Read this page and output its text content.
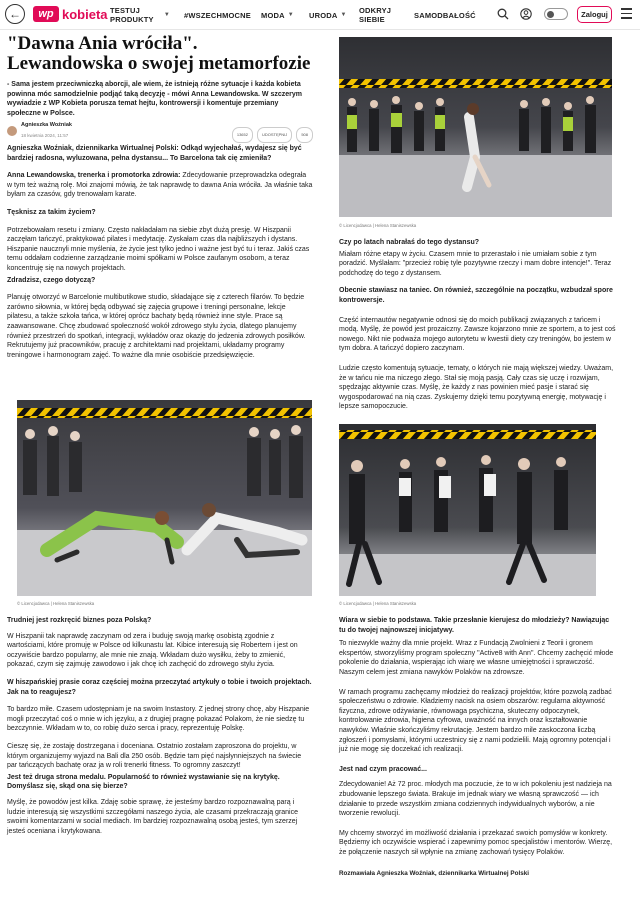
←	wp kobieta TESTUJ PRODUKTY
▼ #WSZECHMOCNE MODA ▼ URODA ▼ ODKRYJ SIEBIE	SAMODBAŁOŚĆ	Zaloguj
"Dawna Ania wróciła". Lewandowska o swojej metamorfozie

- Sama jestem przeciwniczką aborcji, ale wiem, że istnieją różne sytuacje i każda kobieta powinna móc samodzielnie podjąć taką decyzję - mówi Anna Lewandowska. W szczerym wywiadzie z WP Kobieta porusza temat hejtu, kontrowersji i komentuje przemiany społeczne w Polsce.

Agnieszka Woźniak
18 kwietnia 2024, 11:57	13652	UDOSTĘPNIJ	508

Agnieszka Woźniak, dziennikarka Wirtualnej Polski: Odkąd wyjechałaś, wydajesz się być bardziej radosna, wyluzowana, pełna dystansu... To Barcelona tak cię zmieniła?

Anna Lewandowska, trenerka i promotorka zdrowia: Zdecydowanie przeprowadzka odegrała w tym też ważną rolę. Moi znajomi mówią, że tak naprawdę to dawna Ania wróciła. Ja właśnie taka byłam za czasów, gdy trenowałam karate.

Tęsknisz za takim życiem?

Potrzebowałam resetu i zmiany. Często nakładałam na siebie zbyt dużą presję. W Hiszpanii zaczęłam tańczyć, praktykować pilates i medytację. Zyskałam czas dla najbliższych i dystans. Hiszpanie naucznyli mnie myślenia, że życie jest tylko jedno i ważne jest być tu i teraz. Jakiś czas temu oddałam codzienne zarządzanie moimi spółkami w Polsce zaufanym osobom, a teraz koncentruję się na nowych projektach.

Zdradzisz, czego dotyczą?

Planuję otworzyć w Barcelonie multibutikowe studio, składające się z czterech filarów. To będzie zarówno siłownia, w której będą odbywać się zajęcia grupowe i treningi personalne, lekcje pilatesu, a także szkoła tańca, w której oprócz bachaty będą również inne style. Prace są zaawansowane. Chcę zbudować społeczność wokół zdrowego stylu życia, dlatego planujemy również przestrzeń do spotkań, integracji, wykładów oraz okazję do jedzenia zdrowych posiłków. Rekrutujemy już pracowników, pracuję z architektami nad projektami, układamy programy treningowe i harmonogram zajęć. To ważne dla mnie osobiście przedsięwzięcie.

© Licencjodawca | Helena Staniszewska

Trudniej jest rozkręcić biznes poza Polską?

W Hiszpanii tak naprawdę zaczynam od zera i buduję swoją markę osobistą zgodnie z wartościami, które promuję w Polsce od kilkunastu lat. Kibice interesują się Robertem i jest on oczywiście bardzo popularny, ale mnie nie znają. Wkładam dużo wysiłku, żeby to zmienić, pokazać, czym się zajmuję zawodowo i jak chcę ich zachęcić do zdrowego stylu życia.

W hiszpańskiej prasie coraz częściej można przeczytać artykuły o tobie i twoich projektach. Jak na to reagujesz?

To bardzo miłe. Czasem udostępniam je na swoim Instastory. Z jednej strony chcę, aby Hiszpanie mogli przeczytać coś o mnie w ich języku, a z drugiej pragnę pokazać Polakom, że nie siedzę tu bezczynnie. Wkładam w to, co robię dużo serca i pracy, reprezentuję Polskę.

Cieszę się, że zostaję dostrzegana i doceniana. Ostatnio zostałam zaproszona do projektu, w którym organizujemy wyjazd na Bali dla 250 osób. Będzie tam pięć najsłynniejszych na świecie par tańczących bachatę oraz ja w roli trenerki fitness. To ogromny zaszczyt!

Jest też druga strona medalu. Popularność to również wystawianie się na krytykę. Domyślasz się, skąd ona się bierze?

Myślę, że powodów jest kilka. Zdaję sobie sprawę, że jesteśmy bardzo rozpoznawalną parą i ludzie interesują się wszystkimi szczegółami naszego życia, ale czasami przekraczają granice swoimi komentarzami w social mediach. Im bardziej rozpoznawalną osobą jesteś, tym szerzej jesteś oceniana i krytykowana.

© Licencjodawca | Helena Staniszewska

Czy po latach nabrałaś do tego dystansu?

Miałam różne etapy w życiu. Czasem mnie to przerastało i nie umiałam sobie z tym poradzić. Myślałam: "przecież robię tyle pozytywne rzeczy i mam dobre intencje!". Teraz podchodzę do tego z dystansem.

Obecnie stawiasz na taniec. On również, szczególnie na początku, wzbudzał spore kontrowersje.

Część internautów negatywnie odnosi się do moich publikacji związanych z tańcem i modą. Myślę, że powód jest prozaiczny. Zawsze kojarzono mnie ze sportem, a to jest coś nowego. Nikt nie podważa mojego autorytetu w kwestii diety czy treningów, bo jestem w tym dobra. A tańczyć dopiero zaczynam.

Ludzie często komentują sytuacje, tematy, o których nie mają większej wiedzy. Uważam, że w tańcu nie ma niczego złego. Stał się moją pasją. Cały czas się uczę i rozwijam, spędzając aktywnie czas. Myślę, że każdy z nas powinien mieć pasje i starać się wygospodarować na nią czas. Zyskujemy dzięki temu pozytywną energię, motywację i lepsze samopoczucie.

© Licencjodawca | Helena Staniszewska

Wiara w siebie to podstawa. Takie przesłanie kierujesz do młodzieży? Nawiązując tu do twojej najnowszej inicjatywy.

To niezwykle ważny dla mnie projekt. Wraz z Fundacją Zwolnieni z Teorii i gronem ekspertów, stworzyliśmy program społeczny "Active8 with Ann". Chcemy zachęcić młode pokolenie do działania, wspierając ich wiarę we własne umiejętności i sprawczość. Naszym celem jest zmiana nawyków Polaków na zdrowsze.

W ramach programu zachęcamy młodzież do realizacji projektów, które pozwolą zadbać społeczeństwu o zdrowie. Kładziemy nacisk na osiem obszarów: regularna aktywność fizyczna, zdrowe odżywianie, równowaga psychiczna, skuteczny odpoczynek, kontrolowanie zdrowia, higiena cyfrowa, uważność na innych oraz kształtowanie nawyków. Właśnie skończyliśmy rekrutację. Jestem bardzo mile zaskoczona liczbą zgłoszeń i pomysłami, którymi uczestnicy się z nami podzielili. Mają ogromny potencjał i już nie mogę się doczekać ich realizacji.

Jest nad czym pracować...

Zdecydowanie! Aż 72 proc. młodych ma poczucie, że to w ich pokoleniu jest nadzieja na zbudowanie lepszego świata. Brakuje im jednak wiary we własną sprawczość — ich działanie to przede wszystkim zmiana codziennych indywidualnych wyborów, a nie tworzenie rewolucji.

My chcemy stworzyć im możliwość działania i przekazać swoich pomysłów w konkrety. Będziemy ich oczywiście wspierać i zapewnimy pomoc specjalistów i mentorów. Wierzę, że połączenie naszych sił wpłynie na zmianę zachowań tysięcy Polaków.

Rozmawiała Agnieszka Woźniak, dziennikarka Wirtualnej Polski
